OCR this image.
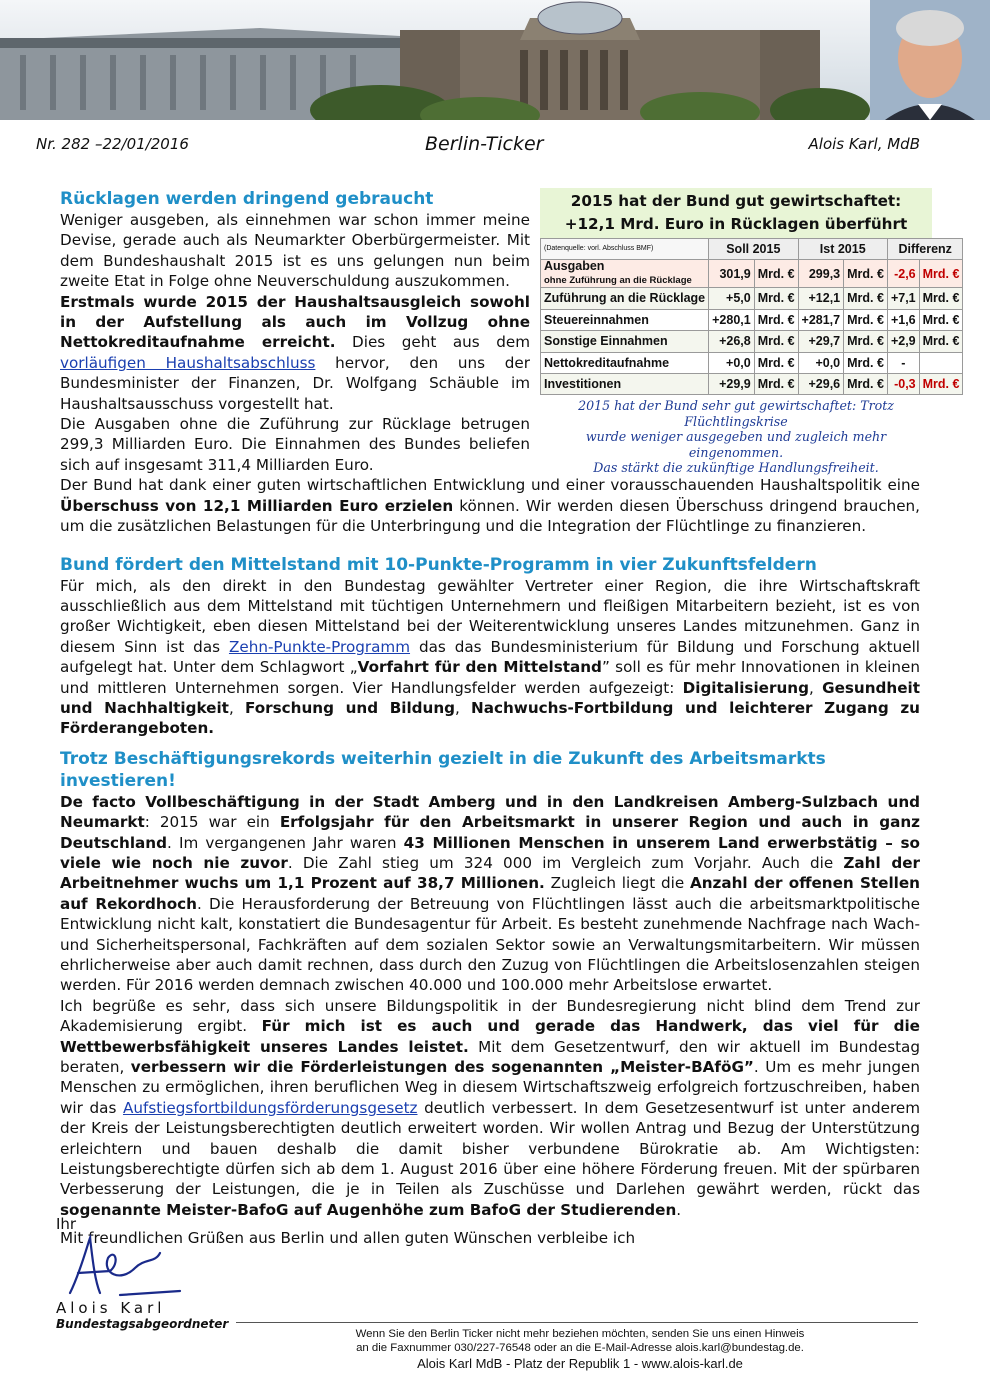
Nr. 282 –22/01/2016	Berlin-Ticker	Alois Karl, MdB
Rücklagen werden dringend gebraucht

Weniger ausgeben, als einnehmen war schon immer meine Devise, gerade auch als Neumarkter Oberbürgermeister. Mit dem Bundeshaushalt 2015 ist es uns gelungen nun beim zweite Etat in Folge ohne Neuverschuldung auszukommen.

Erstmals wurde 2015 der Haushaltsausgleich sowohl in der Aufstellung als auch im Vollzug ohne Nettokreditaufnahme erreicht. Dies geht aus dem vorläufigen Haushaltsabschluss hervor, den uns der Bundesminister der Finanzen, Dr. Wolfgang Schäuble im Haushaltsausschuss vorgestellt hat.

Die Ausgaben ohne die Zuführung zur Rücklage betrugen 299,3 Milliarden Euro. Die Einnahmen des Bundes beliefen sich auf insgesamt 311,4 Milliarden Euro.

2015 hat der Bund gut gewirtschaftet:
+12,1 Mrd. Euro in Rücklagen überführt
(Datenquelle: vorl. Abschluss BMF)	Soll 2015		Ist 2015		Differenz	
Ausgaben
ohne Zuführung an die Rücklage	301,9	Mrd. €	299,3	Mrd. €	-2,6	Mrd. €
Zuführung an die Rücklage	+5,0	Mrd. €	+12,1	Mrd. €	+7,1	Mrd. €
Steuereinnahmen	+280,1	Mrd. €	+281,7	Mrd. €	+1,6	Mrd. €
Sonstige Einnahmen	+26,8	Mrd. €	+29,7	Mrd. €	+2,9	Mrd. €
Nettokreditaufnahme	+0,0	Mrd. €	+0,0	Mrd. €	-	
Investitionen	+29,9	Mrd. €	+29,6	Mrd. €	-0,3	Mrd. €
2015 hat der Bund sehr gut gewirtschaftet: Trotz Flüchtlingskrise
wurde weniger ausgegeben und zugleich mehr eingenommen.
Das stärkt die zukünftige Handlungsfreiheit.

Der Bund hat dank einer guten wirtschaftlichen Entwicklung und einer vorausschauenden Haushaltspolitik eine Überschuss von 12,1 Milliarden Euro erzielen können. Wir werden diesen Überschuss dringend brauchen, um die zusätzlichen Belastungen für die Unterbringung und die Integration der Flüchtlinge zu finanzieren.

Bund fördert den Mittelstand mit 10-Punkte-Programm in vier Zukunftsfeldern

Für mich, als den direkt in den Bundestag gewählter Vertreter einer Region, die ihre Wirtschaftskraft ausschließlich aus dem Mittelstand mit tüchtigen Unternehmern und fleißigen Mitarbeitern bezieht, ist es von großer Wichtigkeit, eben diesen Mittelstand bei der Weiterentwicklung unseres Landes mitzunehmen. Ganz in diesem Sinn ist das Zehn-Punkte-Programm das das Bundesministerium für Bildung und Forschung aktuell aufgelegt hat. Unter dem Schlagwort „Vorfahrt für den Mittelstand” soll es für mehr Innovationen in kleinen und mittleren Unternehmen sorgen. Vier Handlungsfelder werden aufgezeigt: Digitalisierung, Gesundheit und Nachhaltigkeit, Forschung und Bildung, Nachwuchs-Fortbildung und leichterer Zugang zu Förderangeboten.

Trotz Beschäftigungsrekords weiterhin gezielt in die Zukunft des Arbeitsmarkts investieren!

De facto Vollbeschäftigung in der Stadt Amberg und in den Landkreisen Amberg-Sulzbach und Neumarkt: 2015 war ein Erfolgsjahr für den Arbeitsmarkt in unserer Region und auch in ganz Deutschland. Im vergangenen Jahr waren 43 Millionen Menschen in unserem Land erwerbstätig – so viele wie noch nie zuvor. Die Zahl stieg um 324 000 im Vergleich zum Vorjahr. Auch die Zahl der Arbeitnehmer wuchs um 1,1 Prozent auf 38,7 Millionen. Zugleich liegt die Anzahl der offenen Stellen auf Rekordhoch. Die Herausforderung der Betreuung von Flüchtlingen lässt auch die arbeitsmarktpolitische Entwicklung nicht kalt, konstatiert die Bundesagentur für Arbeit. Es besteht zunehmende Nachfrage nach Wach- und Sicherheitspersonal, Fachkräften auf dem sozialen Sektor sowie an Verwaltungsmitarbeitern. Wir müssen ehrlicherweise aber auch damit rechnen, dass durch den Zuzug von Flüchtlingen die Arbeitslosenzahlen steigen werden. Für 2016 werden demnach zwischen 40.000 und 100.000 mehr Arbeitslose erwartet.

Ich begrüße es sehr, dass sich unsere Bildungspolitik in der Bundesregierung nicht blind dem Trend zur Akademisierung ergibt. Für mich ist es auch und gerade das Handwerk, das viel für die Wettbewerbsfähigkeit unseres Landes leistet. Mit dem Gesetzentwurf, den wir aktuell im Bundestag beraten, verbessern wir die Förderleistungen des sogenannten „Meister-BAföG”. Um es mehr jungen Menschen zu ermöglichen, ihren beruflichen Weg in diesem Wirtschaftszweig erfolgreich fortzuschreiben, haben wir das Aufstiegsfortbildungsförderungsgesetz deutlich verbessert. In dem Gesetzesentwurf ist unter anderem der Kreis der Leistungsberechtigten deutlich erweitert worden. Wir wollen Antrag und Bezug der Unterstützung erleichtern und bauen deshalb die damit bisher verbundene Bürokratie ab. Am Wichtigsten: Leistungsberechtigte dürfen sich ab dem 1. August 2016 über eine höhere Förderung freuen. Mit der spürbaren Verbesserung der Leistungen, die je in Teilen als Zuschüsse und Darlehen gewährt werden, rückt das sogenannte Meister-BafoG auf Augenhöhe zum BafoG der Studierenden.

Mit freundlichen Grüßen aus Berlin und allen guten Wünschen verbleibe ich

Ihr
Alois Karl
Bundestagsabgeordneter
Wenn Sie den Berlin Ticker nicht mehr beziehen möchten, senden Sie uns einen Hinweis
an die Faxnummer 030/227-76548 oder an die E-Mail-Adresse alois.karl@bundestag.de.
Alois Karl MdB - Platz der Republik 1 - www.alois-karl.de
